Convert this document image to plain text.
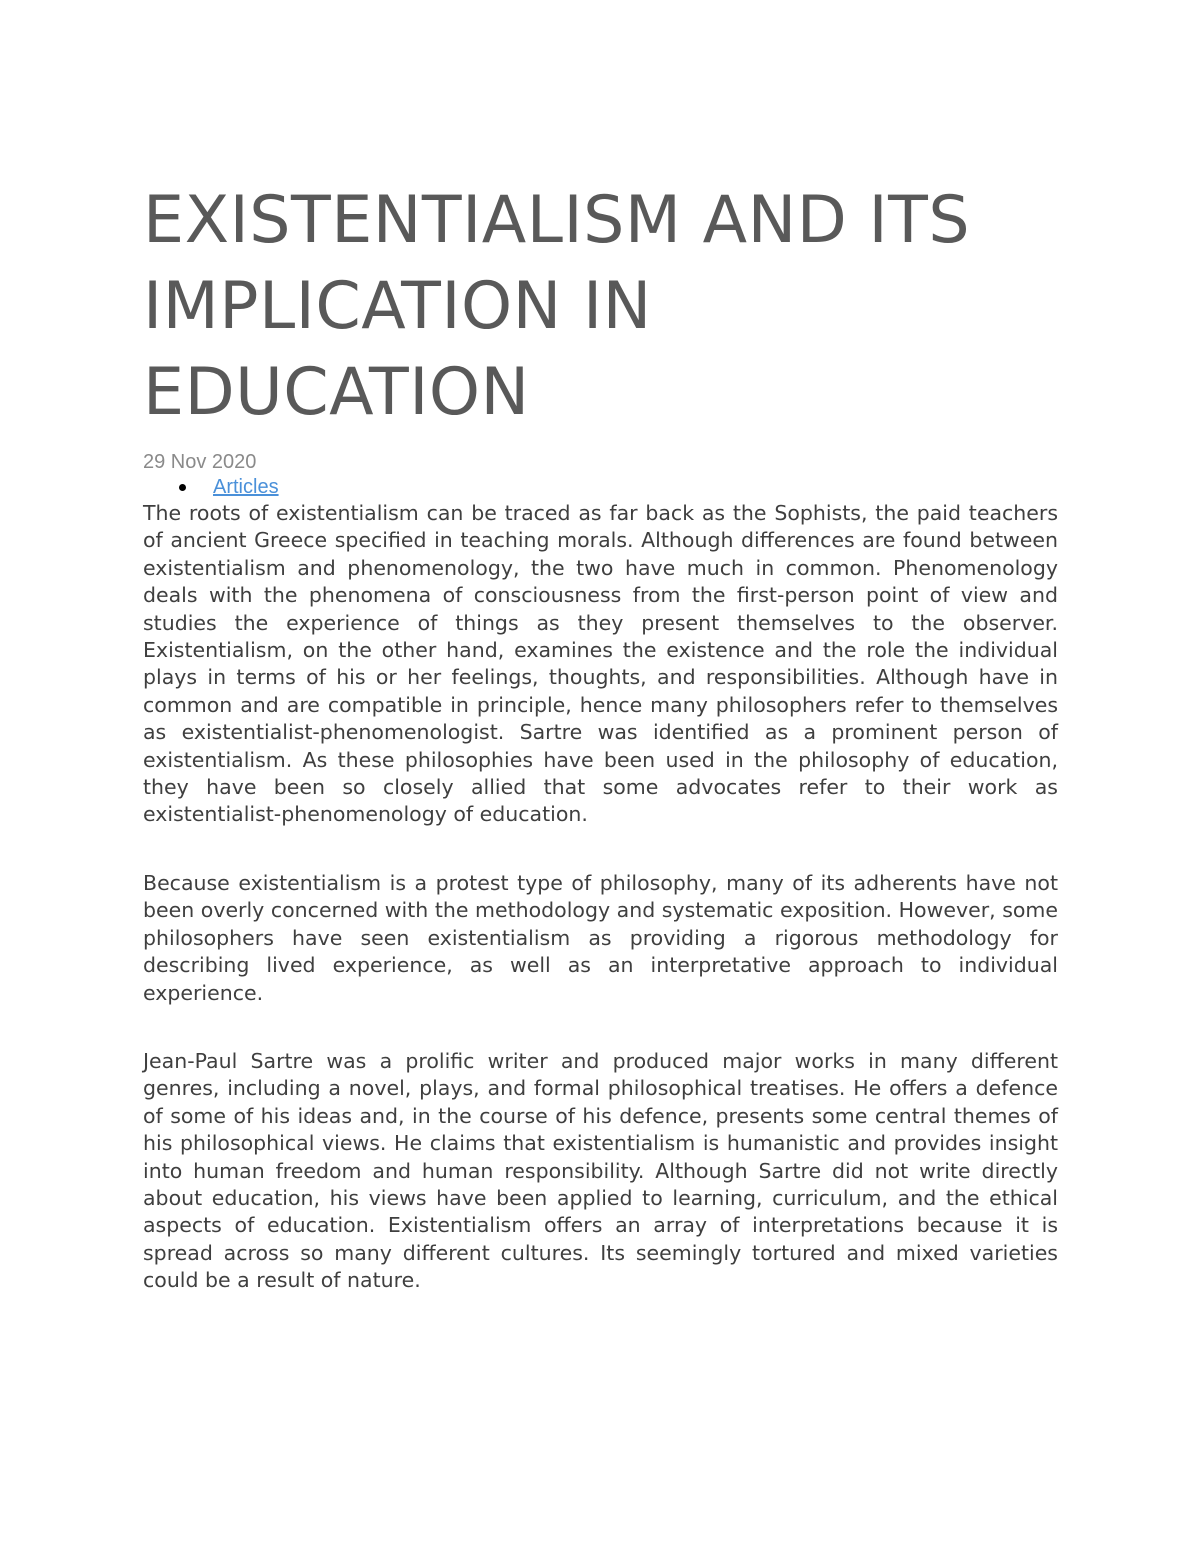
EXISTENTIALISM AND ITS IMPLICATION IN EDUCATION

29 Nov 2020

Articles

The roots of existentialism can be traced as far back as the Sophists, the paid teachers of ancient Greece specified in teaching morals. Although differences are found between existentialism and phenomenology, the two have much in common. Phenomenology deals with the phenomena of consciousness from the first-person point of view and studies the experience of things as they present themselves to the observer. Existentialism, on the other hand, examines the existence and the role the individual plays in terms of his or her feelings, thoughts, and responsibilities. Although have in common and are compatible in principle, hence many philosophers refer to themselves as existentialist-phenomenologist. Sartre was identified as a prominent person of existentialism. As these philosophies have been used in the philosophy of education, they have been so closely allied that some advocates refer to their work as existentialist-phenomenology of education.

Because existentialism is a protest type of philosophy, many of its adherents have not been overly concerned with the methodology and systematic exposition. However, some philosophers have seen existentialism as providing a rigorous methodology for describing lived experience, as well as an interpretative approach to individual experience.

Jean-Paul Sartre was a prolific writer and produced major works in many different genres, including a novel, plays, and formal philosophical treatises. He offers a defence of some of his ideas and, in the course of his defence, presents some central themes of his philosophical views. He claims that existentialism is humanistic and provides insight into human freedom and human responsibility. Although Sartre did not write directly about education, his views have been applied to learning, curriculum, and the ethical aspects of education. Existentialism offers an array of interpretations because it is spread across so many different cultures. Its seemingly tortured and mixed varieties could be a result of nature.
